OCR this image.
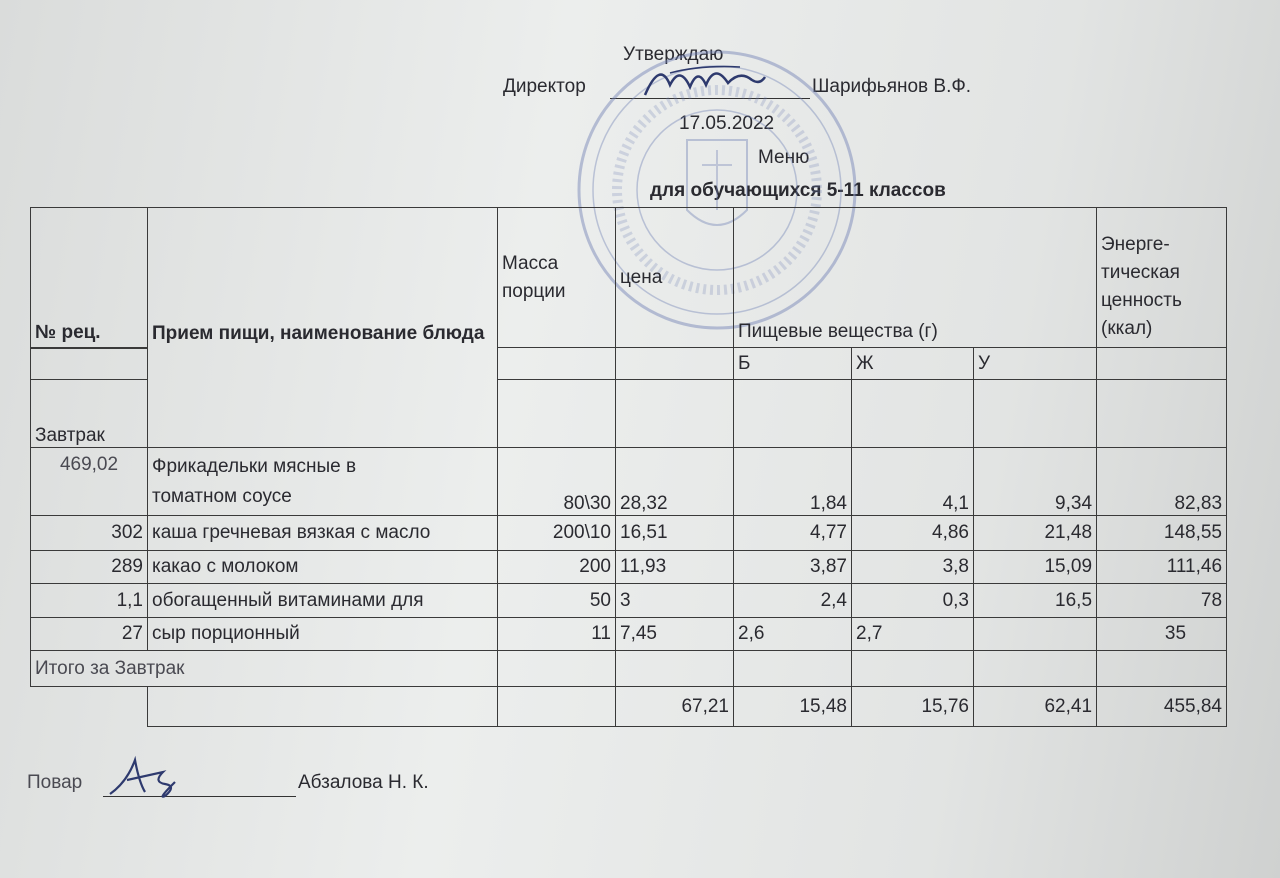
Утверждаю
Директор	Шарифьянов В.Ф.
17.05.2022
Меню
для обучающихся 5-11 классов
№ рец.	Прием пищи, наименование блюда	Масса порции	цена	Пищевые вещества (г)			Энерге-тическая ценность (ккал)
				Б	Ж	У	
Завтрак							
469,02	Фрикадельки мясные в
томатном соусе	80\30	28,32	1,84	4,1	9,34	82,83
302	каша гречневая вязкая с масло	200\10	16,51	4,77	4,86	21,48	148,55
289	какао с молоком	200	11,93	3,87	3,8	15,09	111,46
1,1	обогащенный витаминами для	50	3	2,4	0,3	16,5	78
27	сыр порционный	11	7,45	2,6	2,7		35
Итого за Завтрак							
			67,21	15,48	15,76	62,41	455,84
Повар	Абзалова Н. К.
